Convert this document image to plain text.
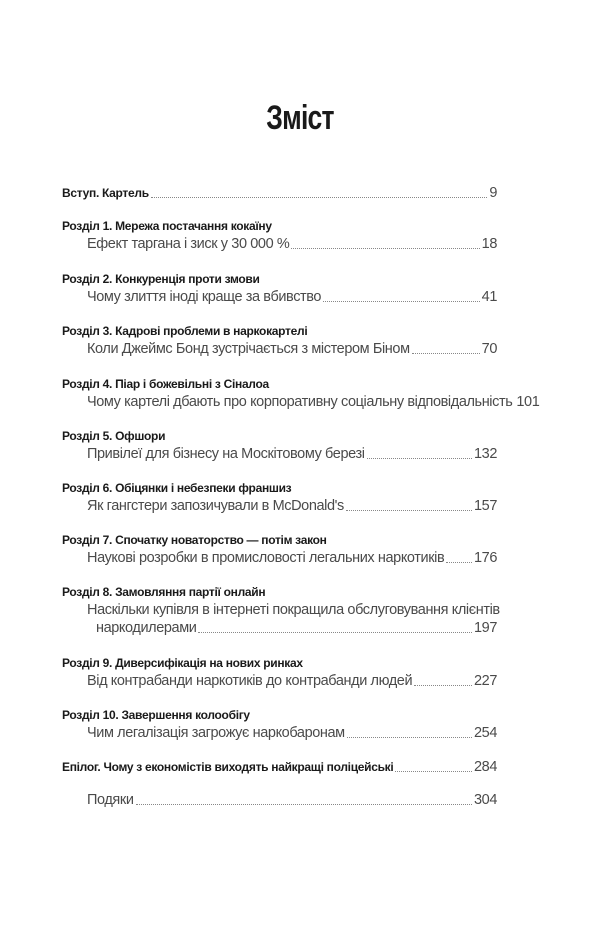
Зміст
Вступ. Картель	9
Розділ 1. Мережа постачання кокаїну
Ефект таргана і зиск у 30 000 %	18
Розділ 2. Конкуренція проти змови
Чому злиття іноді краще за вбивство	41
Розділ 3. Кадрові проблеми в наркокартелі
Коли Джеймс Бонд зустрічається з містером Біном	70
Розділ 4. Піар і божевільні з Сіналоа
Чому картелі дбають про корпоративну соціальну відповідальність 101
Розділ 5. Офшори
Привілеї для бізнесу на Москітовому березі	132
Розділ 6. Обіцянки і небезпеки франшиз
Як гангстери запозичували в McDonald's	157
Розділ 7. Спочатку новаторство — потім закон
Наукові розробки в промисловості легальних наркотиків 176
Розділ 8. Замовляння партії онлайн
Наскільки купівля в інтернеті покращила обслуговування клієнтів
наркодилерами	197
Розділ 9. Диверсифікація на нових ринках
Від контрабанди наркотиків до контрабанди людей	227
Розділ 10. Завершення колообігу
Чим легалізація загрожує наркобаронам	254
Епілог. Чому з економістів виходять найкращі поліцейські	284
Подяки	304
